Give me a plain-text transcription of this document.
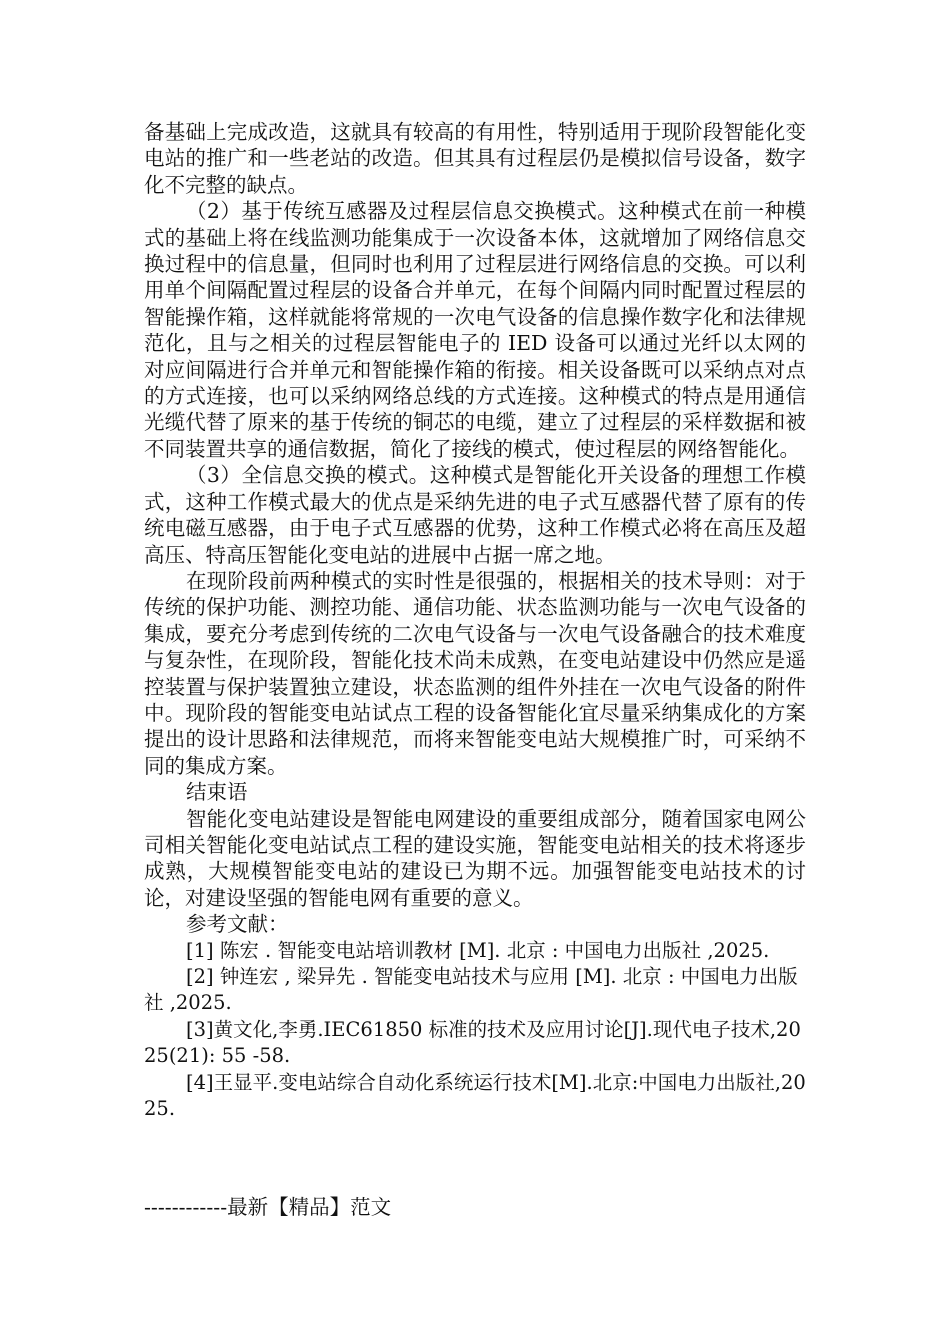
备基础上完成改造，这就具有较高的有用性，特别适用于现阶段智能化变电站的推广和一些老站的改造。但其具有过程层仍是模拟信号设备，数字化不完整的缺点。

（2）基于传统互感器及过程层信息交换模式。这种模式在前一种模式的基础上将在线监测功能集成于一次设备本体，这就增加了网络信息交换过程中的信息量，但同时也利用了过程层进行网络信息的交换。可以利用单个间隔配置过程层的设备合并单元，在每个间隔内同时配置过程层的智能操作箱，这样就能将常规的一次电气设备的信息操作数字化和法律规范化，且与之相关的过程层智能电子的 IED 设备可以通过光纤以太网的对应间隔进行合并单元和智能操作箱的衔接。相关设备既可以采纳点对点的方式连接，也可以采纳网络总线的方式连接。这种模式的特点是用通信光缆代替了原来的基于传统的铜芯的电缆，建立了过程层的采样数据和被不同装置共享的通信数据，简化了接线的模式，使过程层的网络智能化。

（3）全信息交换的模式。这种模式是智能化开关设备的理想工作模式，这种工作模式最大的优点是采纳先进的电子式互感器代替了原有的传统电磁互感器，由于电子式互感器的优势，这种工作模式必将在高压及超高压、特高压智能化变电站的进展中占据一席之地。

在现阶段前两种模式的实时性是很强的，根据相关的技术导则：对于传统的保护功能、测控功能、通信功能、状态监测功能与一次电气设备的集成，要充分考虑到传统的二次电气设备与一次电气设备融合的技术难度与复杂性，在现阶段，智能化技术尚未成熟，在变电站建设中仍然应是遥控装置与保护装置独立建设，状态监测的组件外挂在一次电气设备的附件中。现阶段的智能变电站试点工程的设备智能化宜尽量采纳集成化的方案提出的设计思路和法律规范，而将来智能变电站大规模推广时，可采纳不同的集成方案。

结束语

智能化变电站建设是智能电网建设的重要组成部分，随着国家电网公司相关智能化变电站试点工程的建设实施，智能变电站相关的技术将逐步成熟，大规模智能变电站的建设已为期不远。加强智能变电站技术的讨论，对建设坚强的智能电网有重要的意义。

参考文献：

[1] 陈宏 . 智能变电站培训教材 [M]. 北京 : 中国电力出版社 ,2025.

[2] 钟连宏 , 梁异先 . 智能变电站技术与应用 [M]. 北京 : 中国电力出版社 ,2025.

[3]黄文化,李勇.IEC61850 标准的技术及应用讨论[J].现代电子技术,2025(21): 55 -58.

[4]王显平.变电站综合自动化系统运行技术[M].北京:中国电力出版社,2025.

------------最新【精品】范文
